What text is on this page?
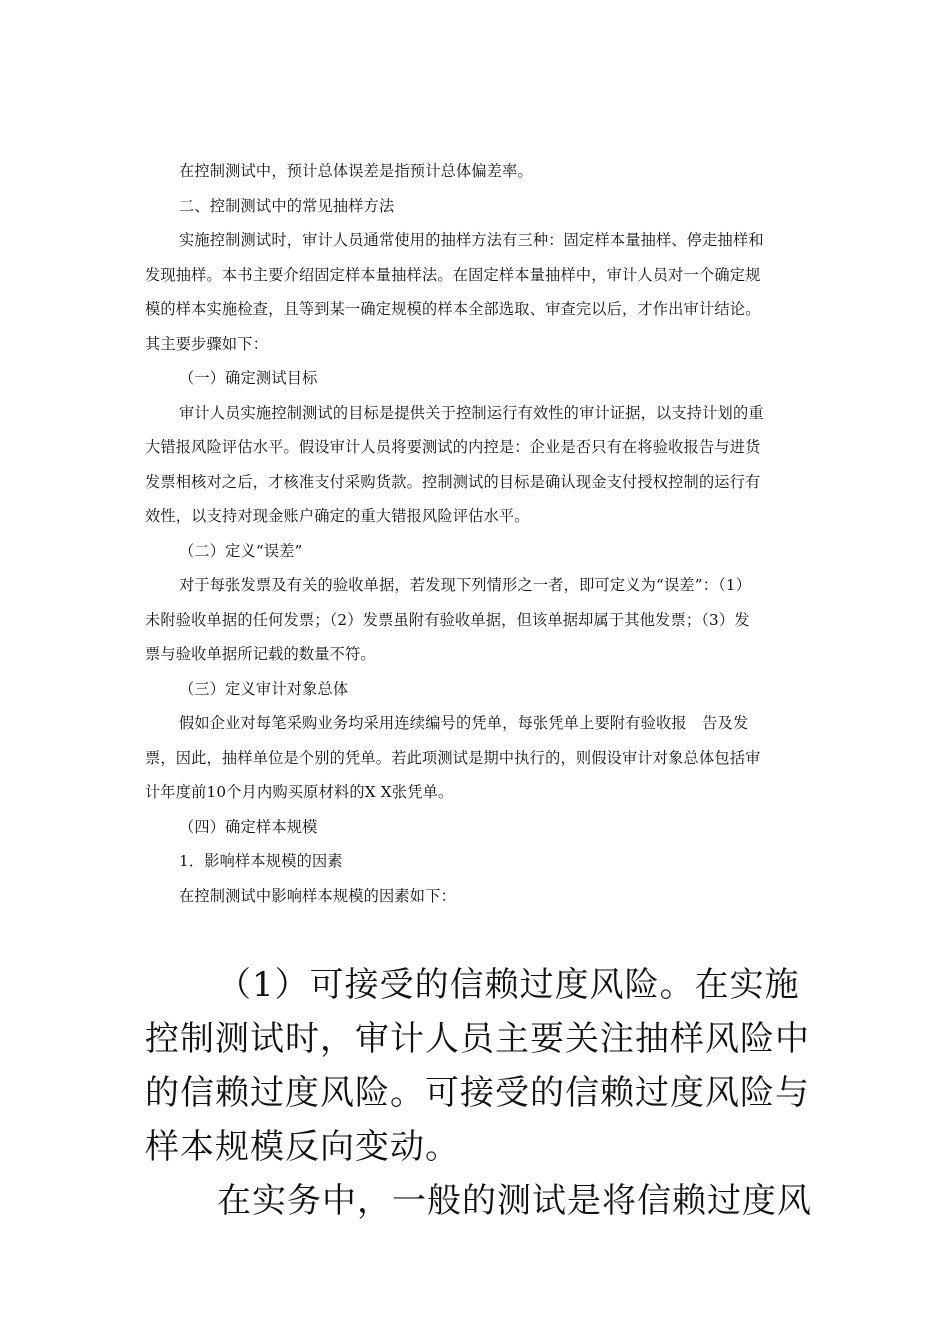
在控制测试中，预计总体误差是指预计总体偏差率。
二、控制测试中的常见抽样方法
实施控制测试时，审计人员通常使用的抽样方法有三种：固定样本量抽样、停走抽样和
发现抽样。本书主要介绍固定样本量抽样法。在固定样本量抽样中，审计人员对一个确定规
模的样本实施检查，且等到某一确定规模的样本全部选取、审查完以后，才作出审计结论。
其主要步骤如下：
（一）确定测试目标
审计人员实施控制测试的目标是提供关于控制运行有效性的审计证据，以支持计划的重
大错报风险评估水平。假设审计人员将要测试的内控是：企业是否只有在将验收报告与进货
发票相核对之后，才核准支付采购货款。控制测试的目标是确认现金支付授权控制的运行有
效性，以支持对现金账户确定的重大错报风险评估水平。
（二）定义“误差”
对于每张发票及有关的验收单据，若发现下列情形之一者，即可定义为“误差”：（1）
未附验收单据的任何发票；（2）发票虽附有验收单据，但该单据却属于其他发票；（3）发
票与验收单据所记载的数量不符。
（三）定义审计对象总体
假如企业对每笔采购业务均采用连续编号的凭单，每张凭单上要附有验收报　告及发
票，因此，抽样单位是个别的凭单。若此项测试是期中执行的，则假设审计对象总体包括审
计年度前10个月内购买原材料的X X张凭单。
（四）确定样本规模
1．影响样本规模的因素
在控制测试中影响样本规模的因素如下：
（1）可接受的信赖过度风险。在实施
控制测试时，审计人员主要关注抽样风险中
的信赖过度风险。可接受的信赖过度风险与
样本规模反向变动。
在实务中，一般的测试是将信赖过度风
